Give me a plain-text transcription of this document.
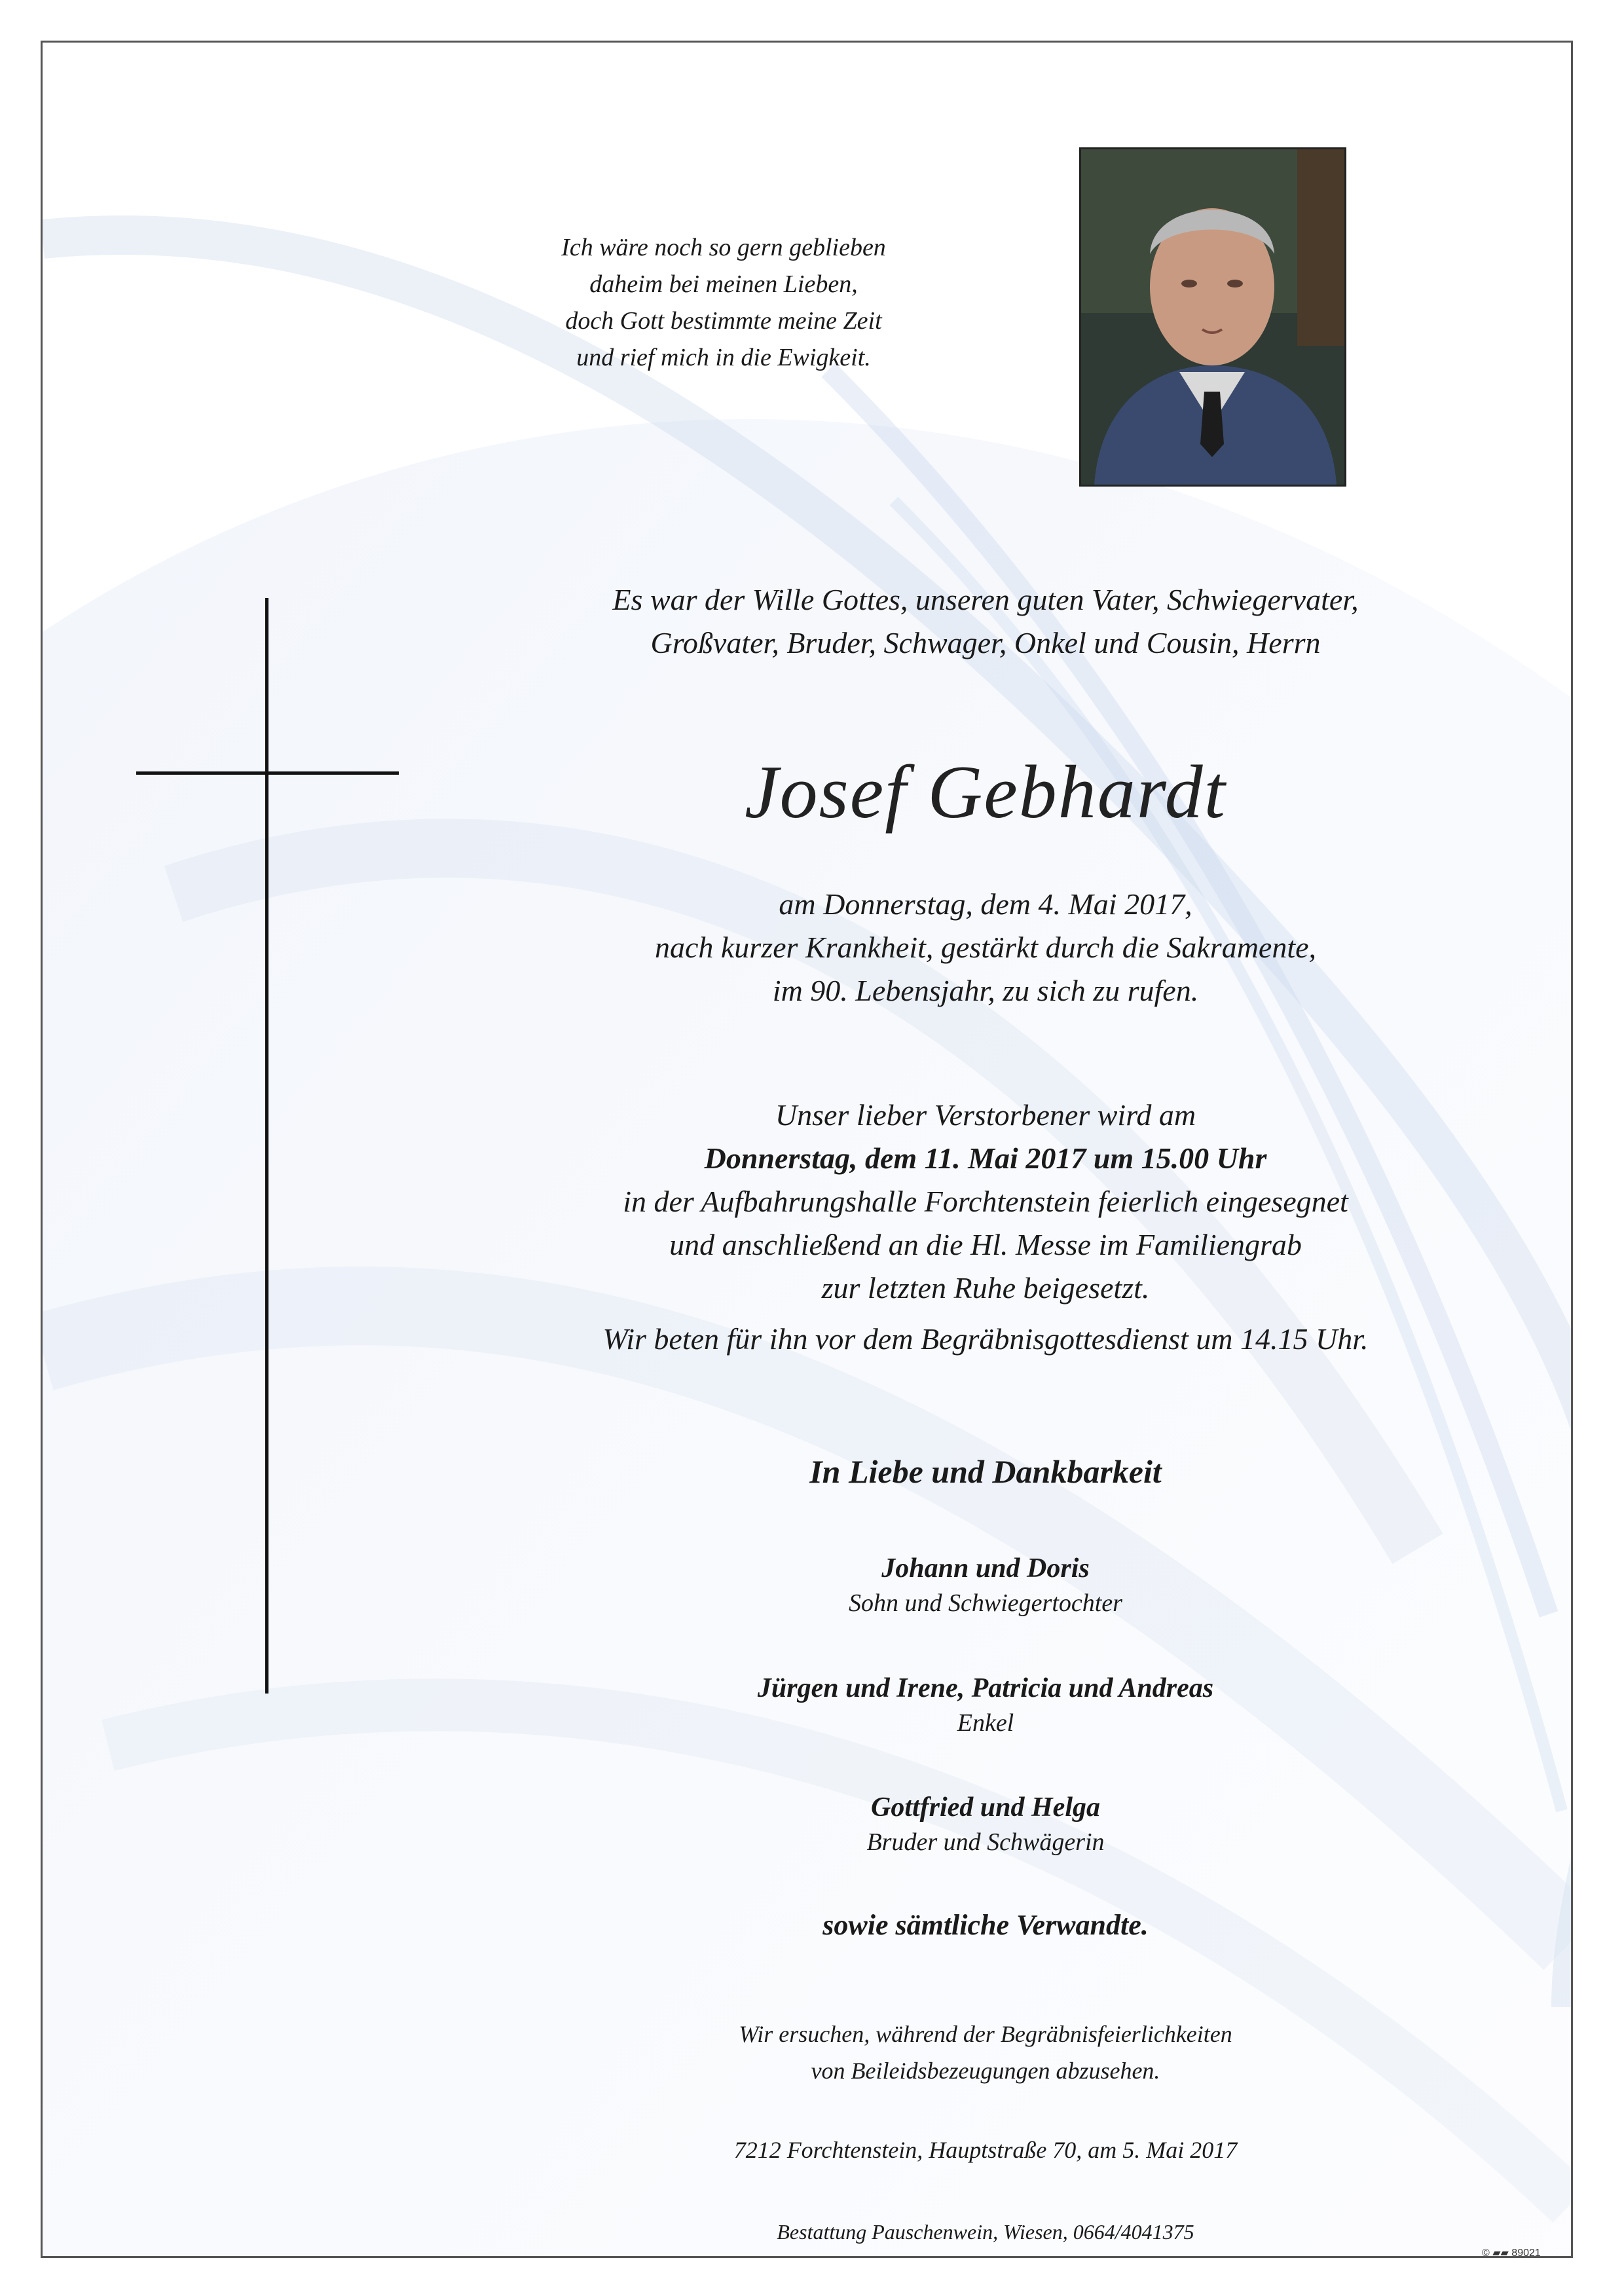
Ich wäre noch so gern geblieben
daheim bei meinen Lieben,
doch Gott bestimmte meine Zeit
und rief mich in die Ewigkeit.
Es war der Wille Gottes, unseren guten Vater, Schwiegervater,
Großvater, Bruder, Schwager, Onkel und Cousin, Herrn
Josef Gebhardt
am Donnerstag, dem 4. Mai 2017,
nach kurzer Krankheit, gestärkt durch die Sakramente,
im 90. Lebensjahr, zu sich zu rufen.
Unser lieber Verstorbener wird am
Donnerstag, dem 11. Mai 2017 um 15.00 Uhr
in der Aufbahrungshalle Forchtenstein feierlich eingesegnet
und anschließend an die Hl. Messe im Familiengrab
zur letzten Ruhe beigesetzt.
Wir beten für ihn vor dem Begräbnisgottesdienst um 14.15 Uhr.
In Liebe und Dankbarkeit
Johann und Doris
Sohn und Schwiegertochter
Jürgen und Irene, Patricia und Andreas
Enkel
Gottfried und Helga
Bruder und Schwägerin
sowie sämtliche Verwandte.
Wir ersuchen, während der Begräbnisfeierlichkeiten
von Beileidsbezeugungen abzusehen.
7212 Forchtenstein, Hauptstraße 70, am 5. Mai 2017
Bestattung Pauschenwein, Wiesen, 0664/4041375
© ▰▰ 89021
